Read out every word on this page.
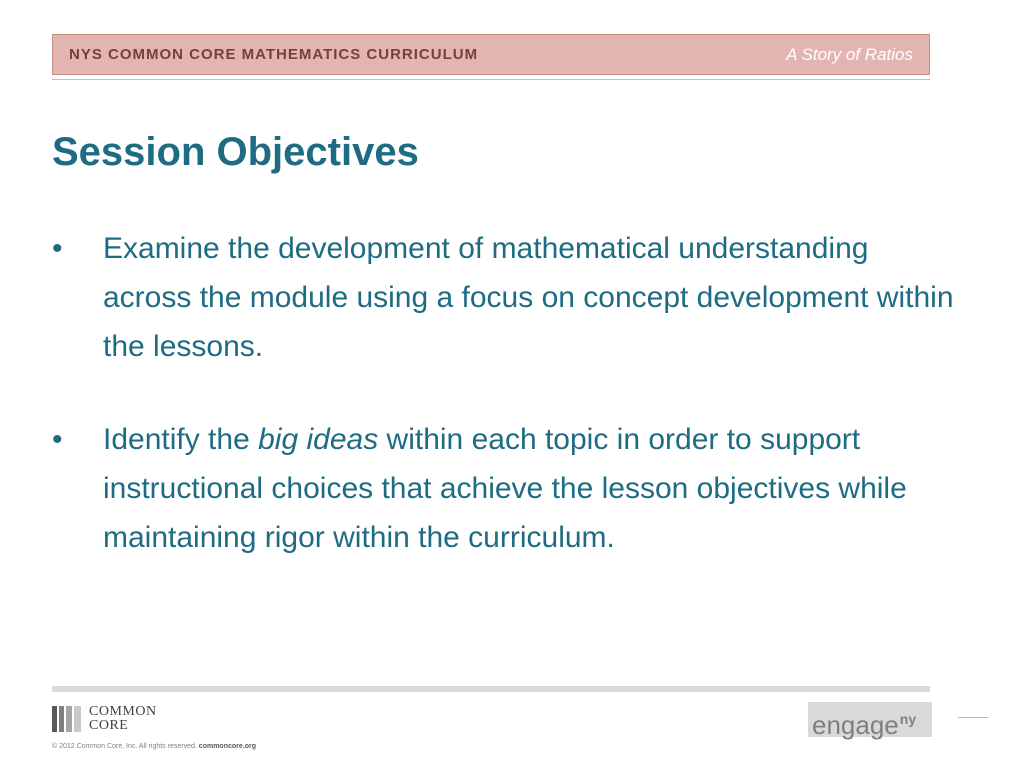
NYS COMMON CORE MATHEMATICS CURRICULUM	A Story of Ratios
Session Objectives
•	Examine the development of mathematical understanding across the module using a focus on concept development within the lessons.
•	Identify the big ideas within each topic in order to support instructional choices that achieve the lesson objectives while maintaining rigor within the curriculum.
COMMON
CORE
© 2012 Common Core, Inc. All rights reserved. commoncore.org
engage$^{ny}$
